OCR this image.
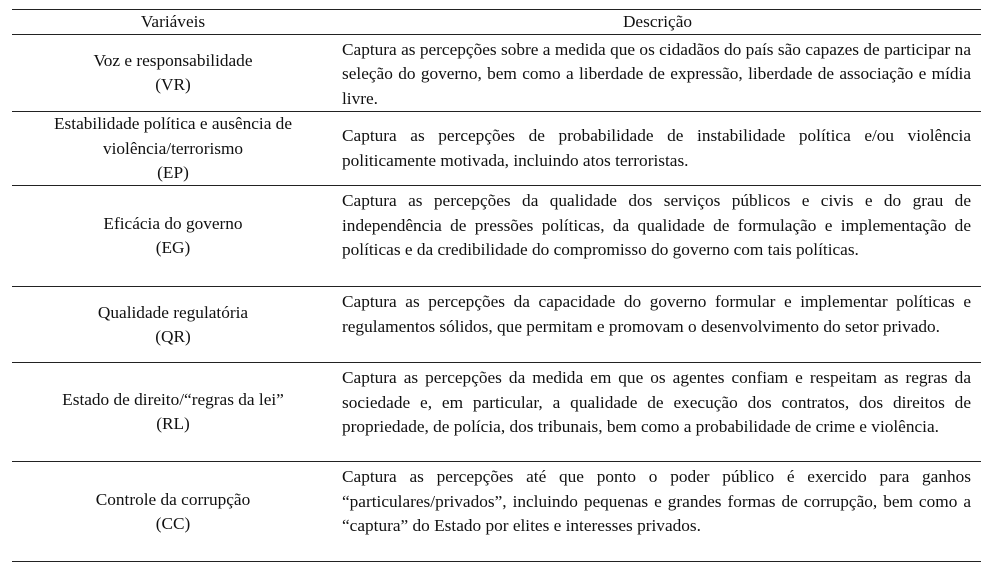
Variáveis	Descrição

Voz e responsabilidade
(VR)	Captura as percepções sobre a medida que os cidadãos do país são capazes de participar na seleção do governo, bem como a liberdade de expressão, liberdade de associação e mídia livre.

Estabilidade política e ausência de violência/terrorismo
(EP)	Captura as percepções de probabilidade de instabilidade política e/ou violência politicamente motivada, incluindo atos terroristas.

Eficácia do governo
(EG)	Captura as percepções da qualidade dos serviços públicos e civis e do grau de independência de pressões políticas, da qualidade de formulação e implementação de políticas e da credibilidade do compromisso do governo com tais políticas.

Qualidade regulatória
(QR)	Captura as percepções da capacidade do governo formular e implementar políticas e regulamentos sólidos, que permitam e promovam o desenvolvimento do setor privado.

Estado de direito/“regras da lei”
(RL)	Captura as percepções da medida em que os agentes confiam e respeitam as regras da sociedade e, em particular, a qualidade de execução dos contratos, dos direitos de propriedade, de polícia, dos tribunais, bem como a probabilidade de crime e violência.

Controle da corrupção
(CC)	Captura as percepções até que ponto o poder público é exercido para ganhos “particulares/privados”, incluindo pequenas e grandes formas de corrupção, bem como a “captura” do Estado por elites e interesses privados.
